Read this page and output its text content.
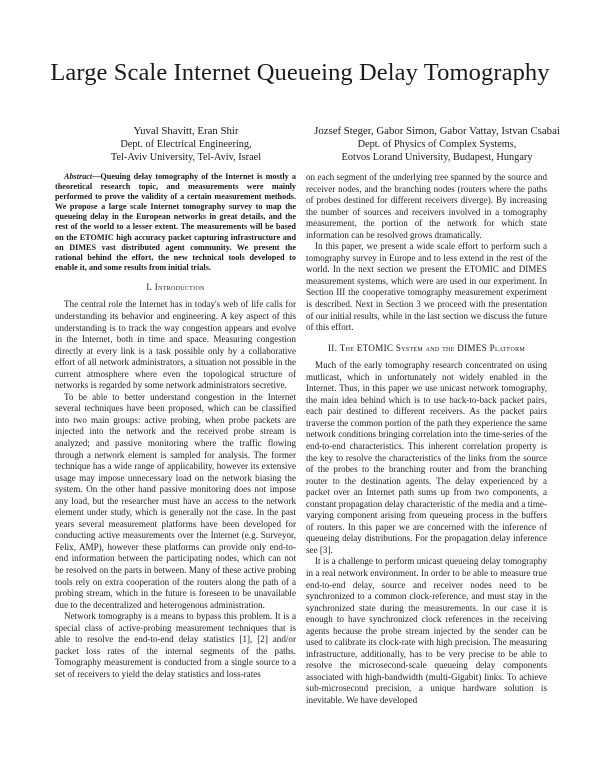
Large Scale Internet Queueing Delay Tomography
Yuval Shavitt, Eran Shir
Dept. of Electrical Engineering,
Tel-Aviv University, Tel-Aviv, Israel
Jozsef Steger, Gabor Simon, Gabor Vattay, Istvan Csabai
Dept. of Physics of Complex Systems,
Eotvos Lorand University, Budapest, Hungary

Abstract—Queuing delay tomography of the Internet is mostly a theoretical research topic, and measurements were mainly performed to prove the validity of a certain measurement methods. We propose a large scale Internet tomography survey to map the queueing delay in the European networks in great details, and the rest of the world to a lesser extent. The measurements will be based on the ETOMIC high accuracy packet capturing infrastructure and on DIMES vast distributed agent community. We present the rational behind the effort, the new technical tools developed to enable it, and some results from initial trials.

I. Introduction

The central role the Internet has in today's web of life calls for understanding its behavior and engineering. A key aspect of this understanding is to track the way congestion appears and evolve in the Internet, both in time and space. Measuring congestion directly at every link is a task possible only by a collaborative effort of all network administrators, a situation not possible in the current atmosphere where even the topological structure of networks is regarded by some network administrators secretive.

To be able to better understand congestion in the Internet several techniques have been proposed, which can be classified into two main groups: active probing, when probe packets are injected into the network and the received probe stream is analyzed; and passive monitoring where the traffic flowing through a network element is sampled for analysis. The former technique has a wide range of applicability, however its extensive usage may impose unnecessary load on the network biasing the system. On the other hand passive monitoring does not impose any load, but the researcher must have an access to the network element under study, which is generally not the case. In the past years several measurement platforms have been developed for conducting active measurements over the Internet (e.g. Surveyor, Felix, AMP), however these platforms can provide only end-to-end information between the participating nodes, which can not be resolved on the parts in between. Many of these active probing tools rely on extra cooperation of the routers along the path of a probing stream, which in the future is foreseen to be unavailable due to the decentralized and heterogenous administration.

Network tomography is a means to bypass this problem. It is a special class of active-probing measurement techniques that is able to resolve the end-to-end delay statistics [1], [2] and/or packet loss rates of the internal segments of the paths. Tomography measurement is conducted from a single source to a set of receivers to yield the delay statistics and loss-rates

on each segment of the underlying tree spanned by the source and receiver nodes, and the branching nodes (routers where the paths of probes destined for different receivers diverge). By increasing the number of sources and receivers involved in a tomography measurement, the portion of the network for which state information can be resolved grows dramatically.

In this paper, we present a wide scale effort to perform such a tomography survey in Europe and to less extend in the rest of the world. In the next section we present the ETOMIC and DIMES measurement systems, which were are used in our experiment. In Section III the cooperative tomography measurement experiment is described. Next in Section 3 we proceed with the presentation of our initial results, while in the last section we discuss the future of this effort.

II. The ETOMIC System and the DIMES Platform

Much of the early tomography research concentrated on using mutlicast, which in unfortunately not widely enabled in the Internet. Thus, in this paper we use unicast network tomography, the main idea behind which is to use back-to-back packet pairs, each pair destined to different receivers. As the packet pairs traverse the common portion of the path they experience the same network conditions bringing correlation into the time-series of the end-to-end characteristics. This inherent correlation property is the key to resolve the characteristics of the links from the source of the probes to the branching router and from the branching router to the destination agents. The delay experienced by a packet over an Internet path sums up from two components, a constant propagation delay characteristic of the media and a time-varying component arising from queueing process in the buffers of routers. In this paper we are concerned with the inference of queueing delay distributions. For the propagation delay inference see [3].

It is a challenge to perform unicast queueing delay tomography in a real network environment. In order to be able to measure true end-to-end delay, source and receiver nodes need to be synchronized to a common clock-reference, and must stay in the synchronized state during the measurements. In our case it is enough to have synchronized clock references in the receiving agents because the probe stream injected by the sender can be used to calibrate its clock-rate with high precision. The measuring infrastructure, additionally, has to be very precise to be able to resolve the microsecond-scale queueing delay components associated with high-bandwidth (multi-Gigabit) links. To achieve sub-microsecond precision, a unique hardware solution is inevitable. We have developed
